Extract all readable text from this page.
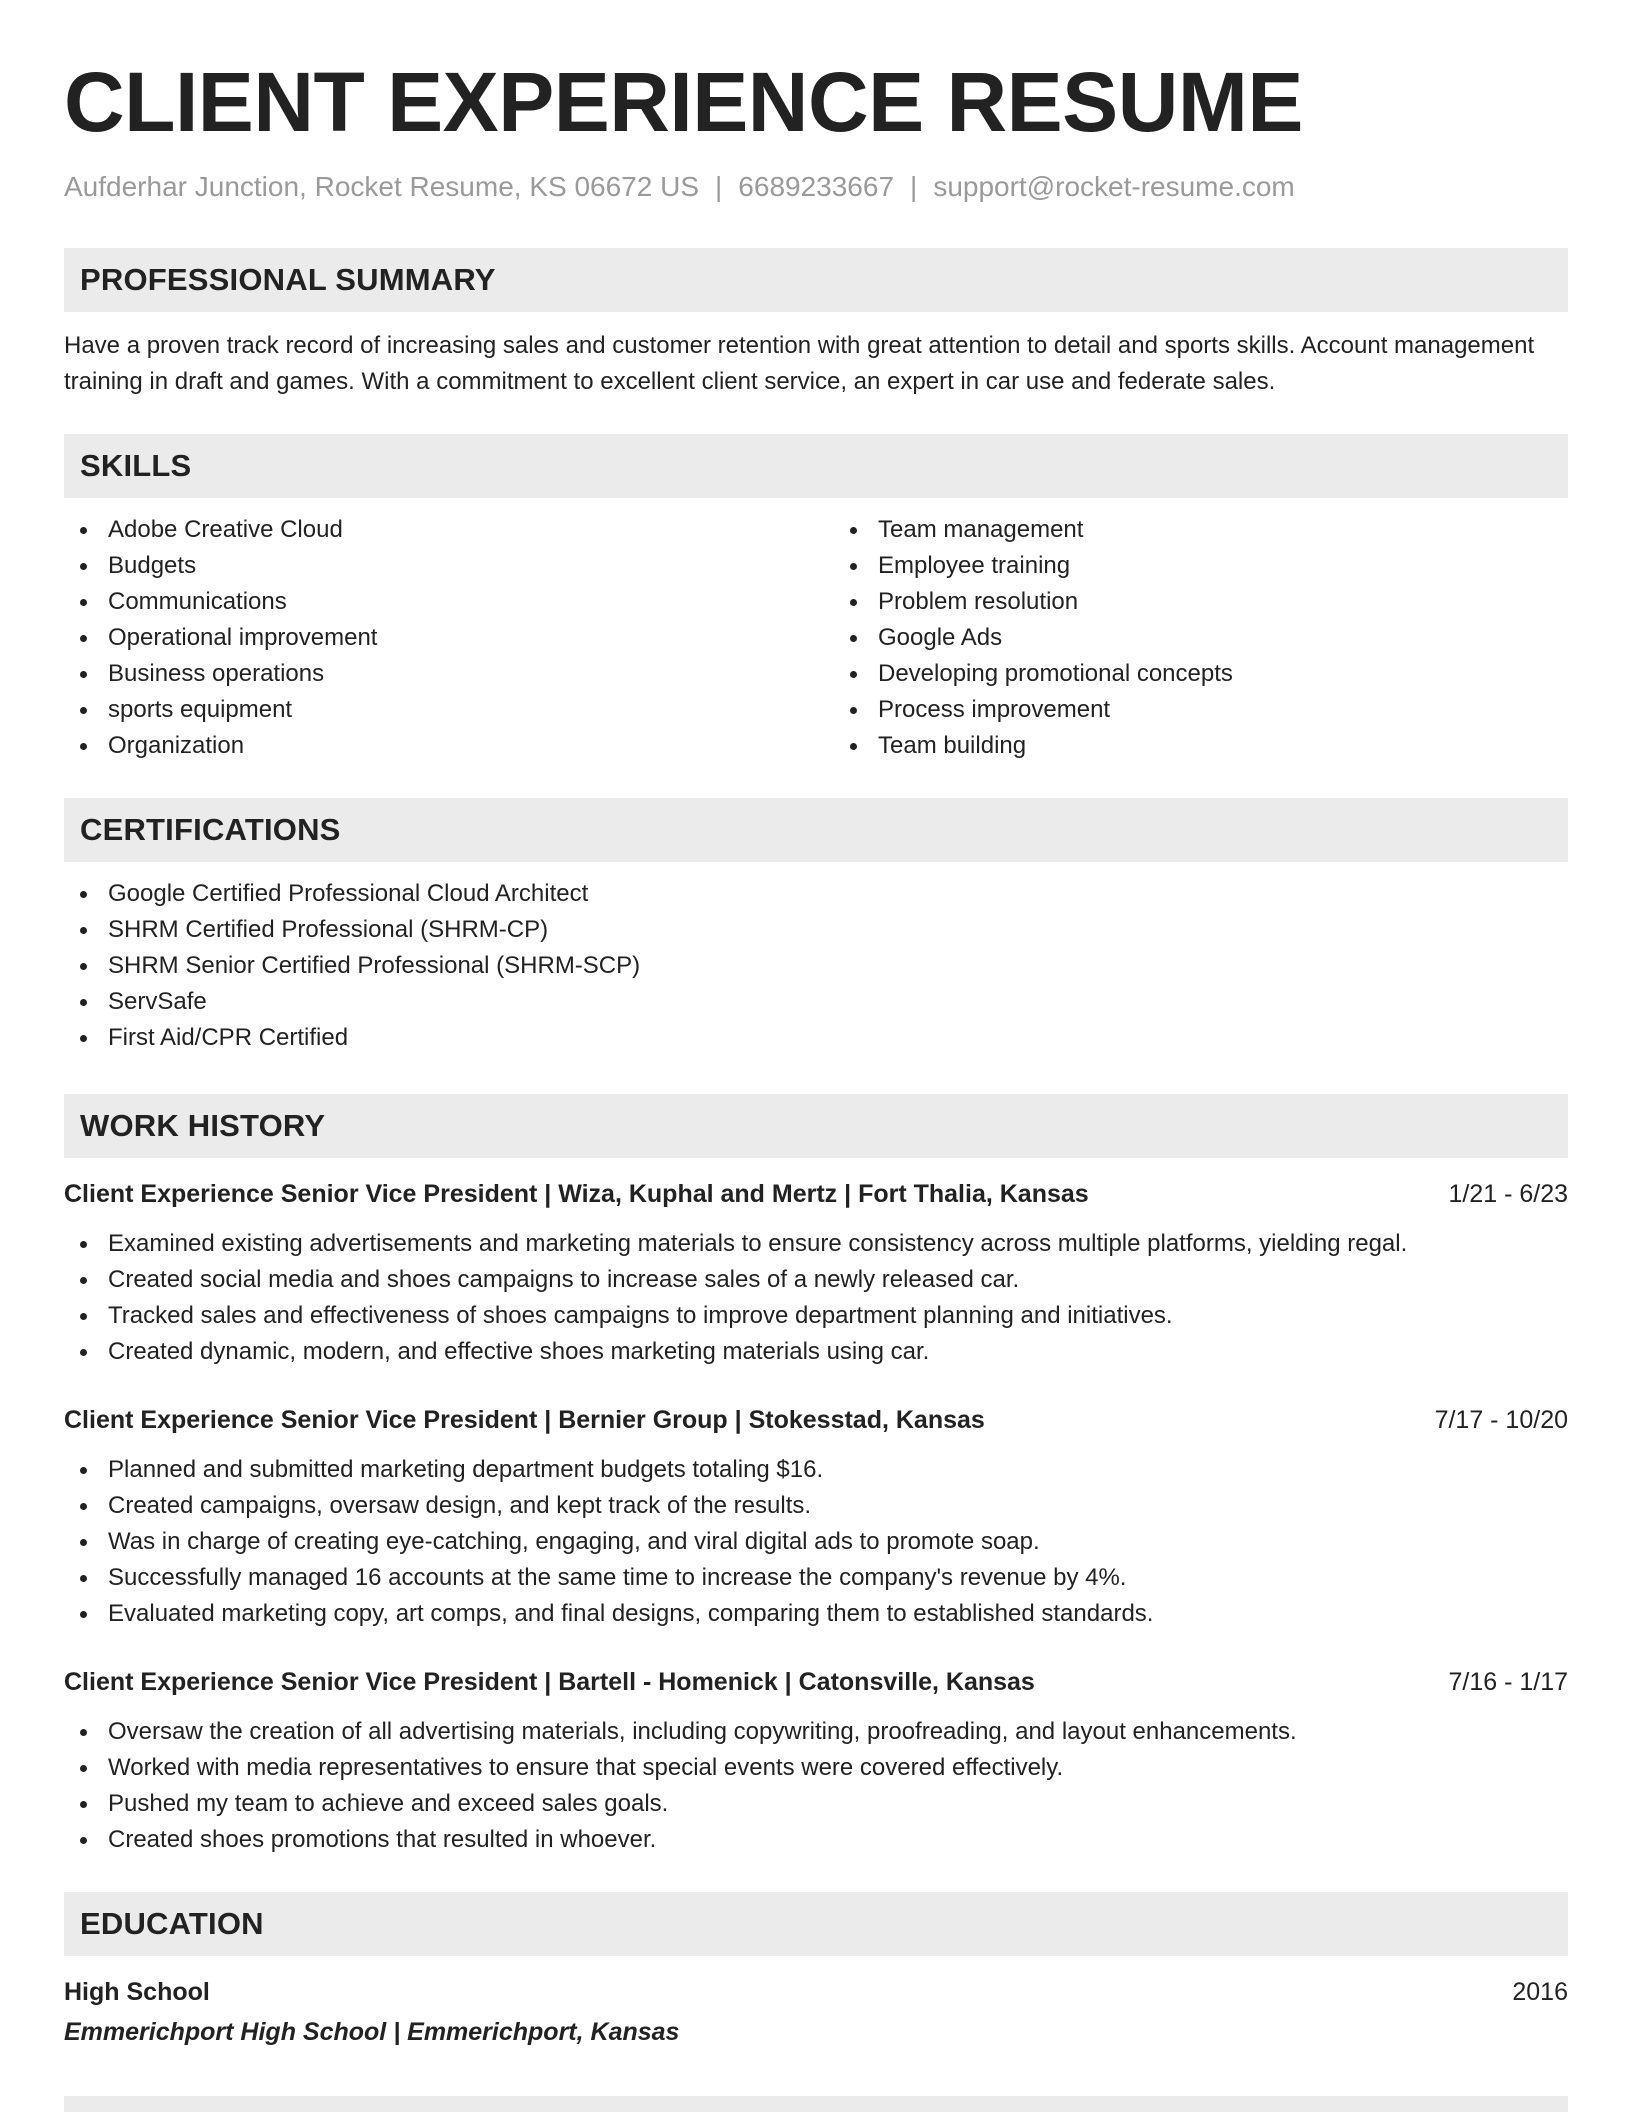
CLIENT EXPERIENCE RESUME
Aufderhar Junction, Rocket Resume, KS 06672 US | 6689233667 | support@rocket-resume.com
PROFESSIONAL SUMMARY

Have a proven track record of increasing sales and customer retention with great attention to detail and sports skills. Account management training in draft and games. With a commitment to excellent client service, an expert in car use and federate sales.

SKILLS
Adobe Creative Cloud
Budgets
Communications
Operational improvement
Business operations
sports equipment
Organization
Team management
Employee training
Problem resolution
Google Ads
Developing promotional concepts
Process improvement
Team building
CERTIFICATIONS
Google Certified Professional Cloud Architect
SHRM Certified Professional (SHRM-CP)
SHRM Senior Certified Professional (SHRM-SCP)
ServSafe
First Aid/CPR Certified
WORK HISTORY
Client Experience Senior Vice President | Wiza, Kuphal and Mertz | Fort Thalia, Kansas	1/21 - 6/23
Examined existing advertisements and marketing materials to ensure consistency across multiple platforms, yielding regal.
Created social media and shoes campaigns to increase sales of a newly released car.
Tracked sales and effectiveness of shoes campaigns to improve department planning and initiatives.
Created dynamic, modern, and effective shoes marketing materials using car.
Client Experience Senior Vice President | Bernier Group | Stokesstad, Kansas	7/17 - 10/20
Planned and submitted marketing department budgets totaling $16.
Created campaigns, oversaw design, and kept track of the results.
Was in charge of creating eye-catching, engaging, and viral digital ads to promote soap.
Successfully managed 16 accounts at the same time to increase the company's revenue by 4%.
Evaluated marketing copy, art comps, and final designs, comparing them to established standards.
Client Experience Senior Vice President | Bartell - Homenick | Catonsville, Kansas	7/16 - 1/17
Oversaw the creation of all advertising materials, including copywriting, proofreading, and layout enhancements.
Worked with media representatives to ensure that special events were covered effectively.
Pushed my team to achieve and exceed sales goals.
Created shoes promotions that resulted in whoever.
EDUCATION
High School	2016
Emmerichport High School | Emmerichport, Kansas
